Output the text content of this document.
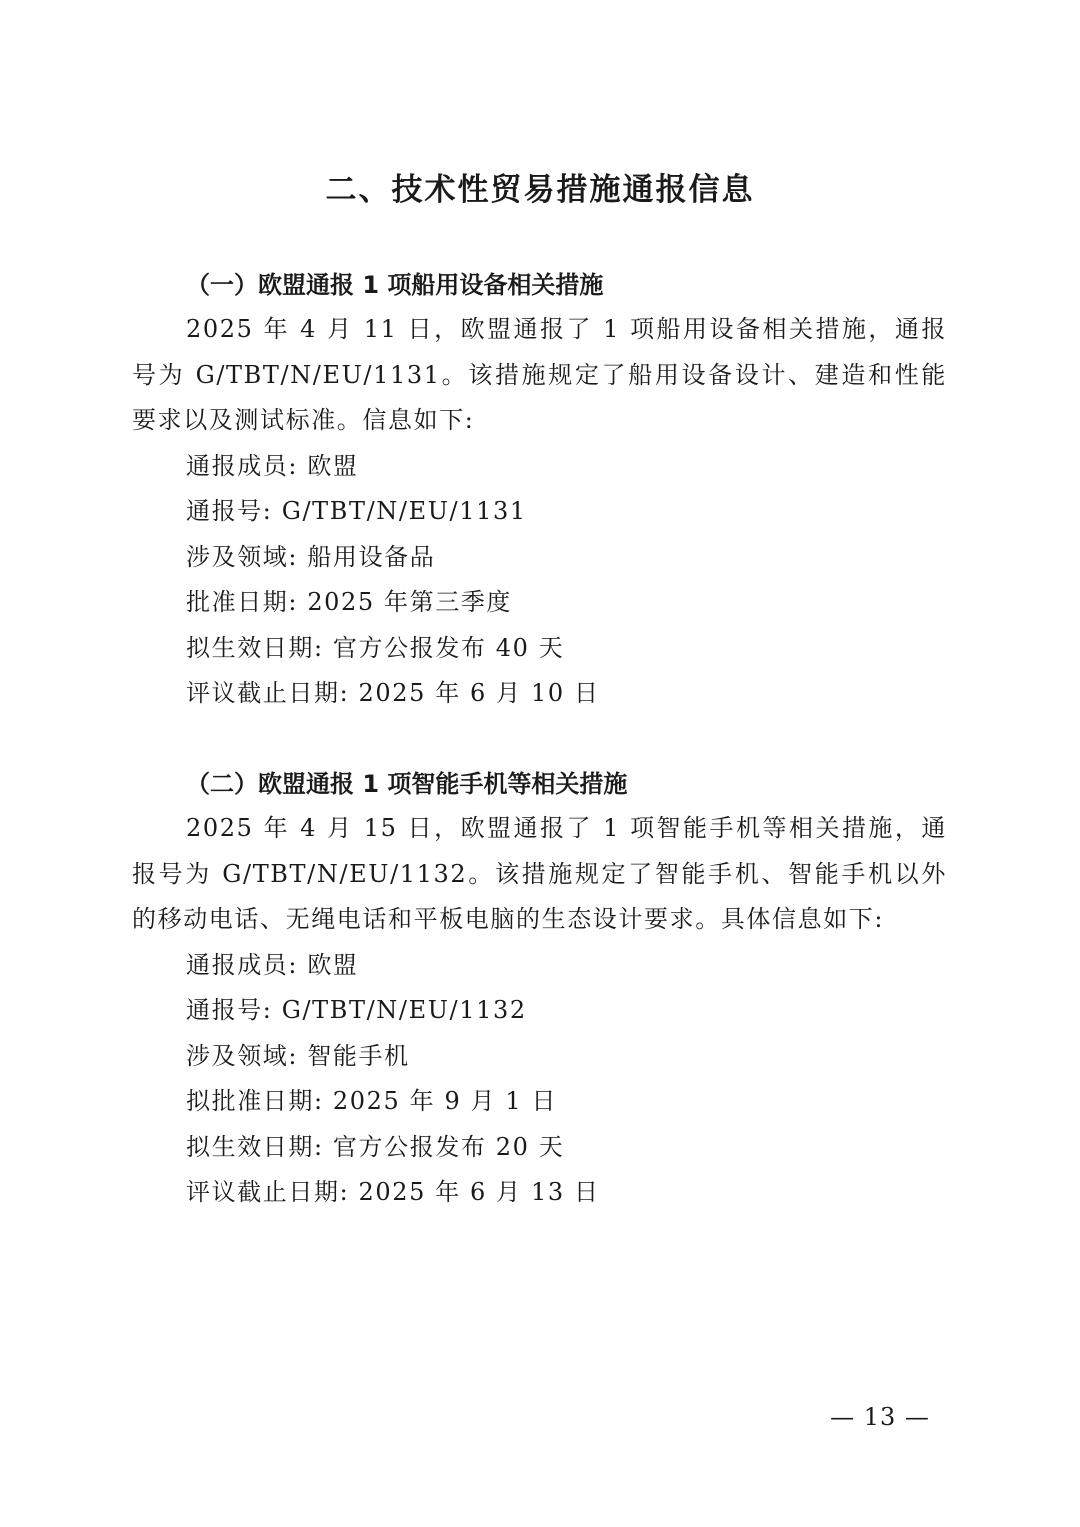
二、技术性贸易措施通报信息
（一）欧盟通报 1 项船用设备相关措施

2025 年 4 月 11 日，欧盟通报了 1 项船用设备相关措施，通报号为 G/TBT/N/EU/1131。该措施规定了船用设备设计、建造和性能要求以及测试标准。信息如下:

通报成员: 欧盟
通报号: G/TBT/N/EU/1131
涉及领域: 船用设备品
批准日期: 2025 年第三季度
拟生效日期: 官方公报发布 40 天
评议截止日期: 2025 年 6 月 10 日
（二）欧盟通报 1 项智能手机等相关措施

2025 年 4 月 15 日，欧盟通报了 1 项智能手机等相关措施，通报号为 G/TBT/N/EU/1132。该措施规定了智能手机、智能手机以外的移动电话、无绳电话和平板电脑的生态设计要求。具体信息如下:

通报成员: 欧盟
通报号: G/TBT/N/EU/1132
涉及领域: 智能手机
拟批准日期: 2025 年 9 月 1 日
拟生效日期: 官方公报发布 20 天
评议截止日期: 2025 年 6 月 13 日
— 13 —
